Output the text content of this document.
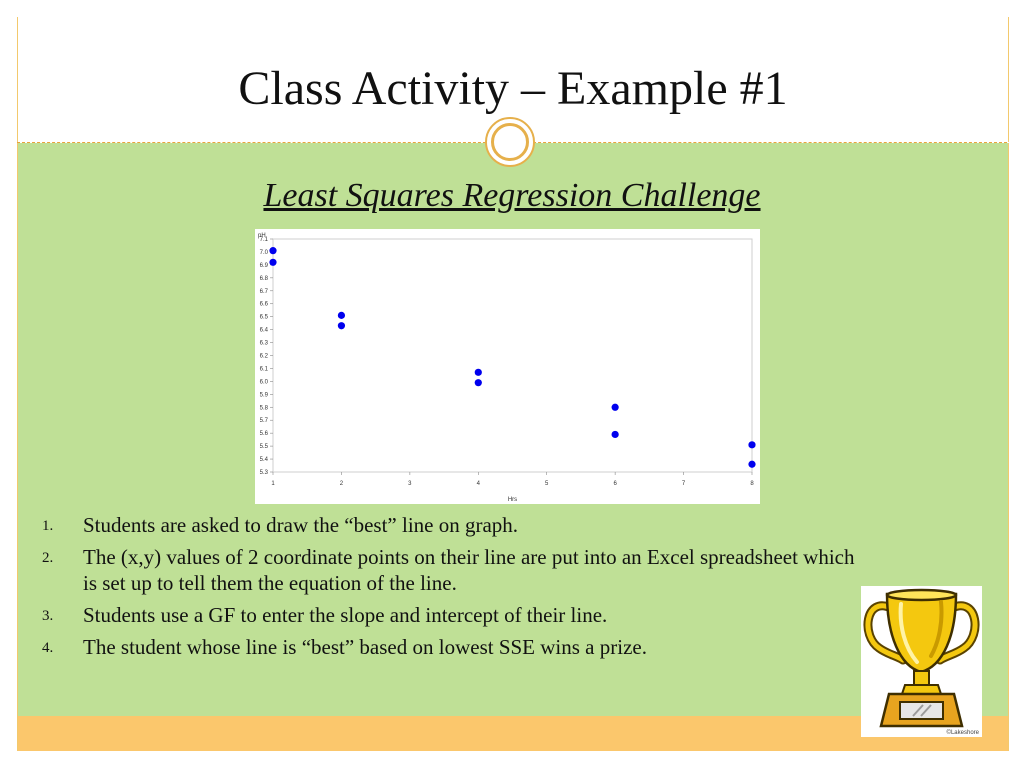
Class Activity – Example #1
Least Squares Regression Challenge
5.3
5.4
5.5
5.6
5.7
5.8
5.9
6.0
6.1
6.2
6.3
6.4
6.5
6.6
6.7
6.8
6.9
7.0
7.1
1	2	3	4	5	6	7	8
pH
Hrs
1. Students are asked to draw the “best” line on graph.
2. The (x,y) values of 2 coordinate points on their line are put into an Excel spreadsheet which is set up to tell them the equation of the line.
3. Students use a GF to enter the slope and intercept of their line.
4. The student whose line is “best” based on lowest SSE wins a prize.
©Lakeshore
